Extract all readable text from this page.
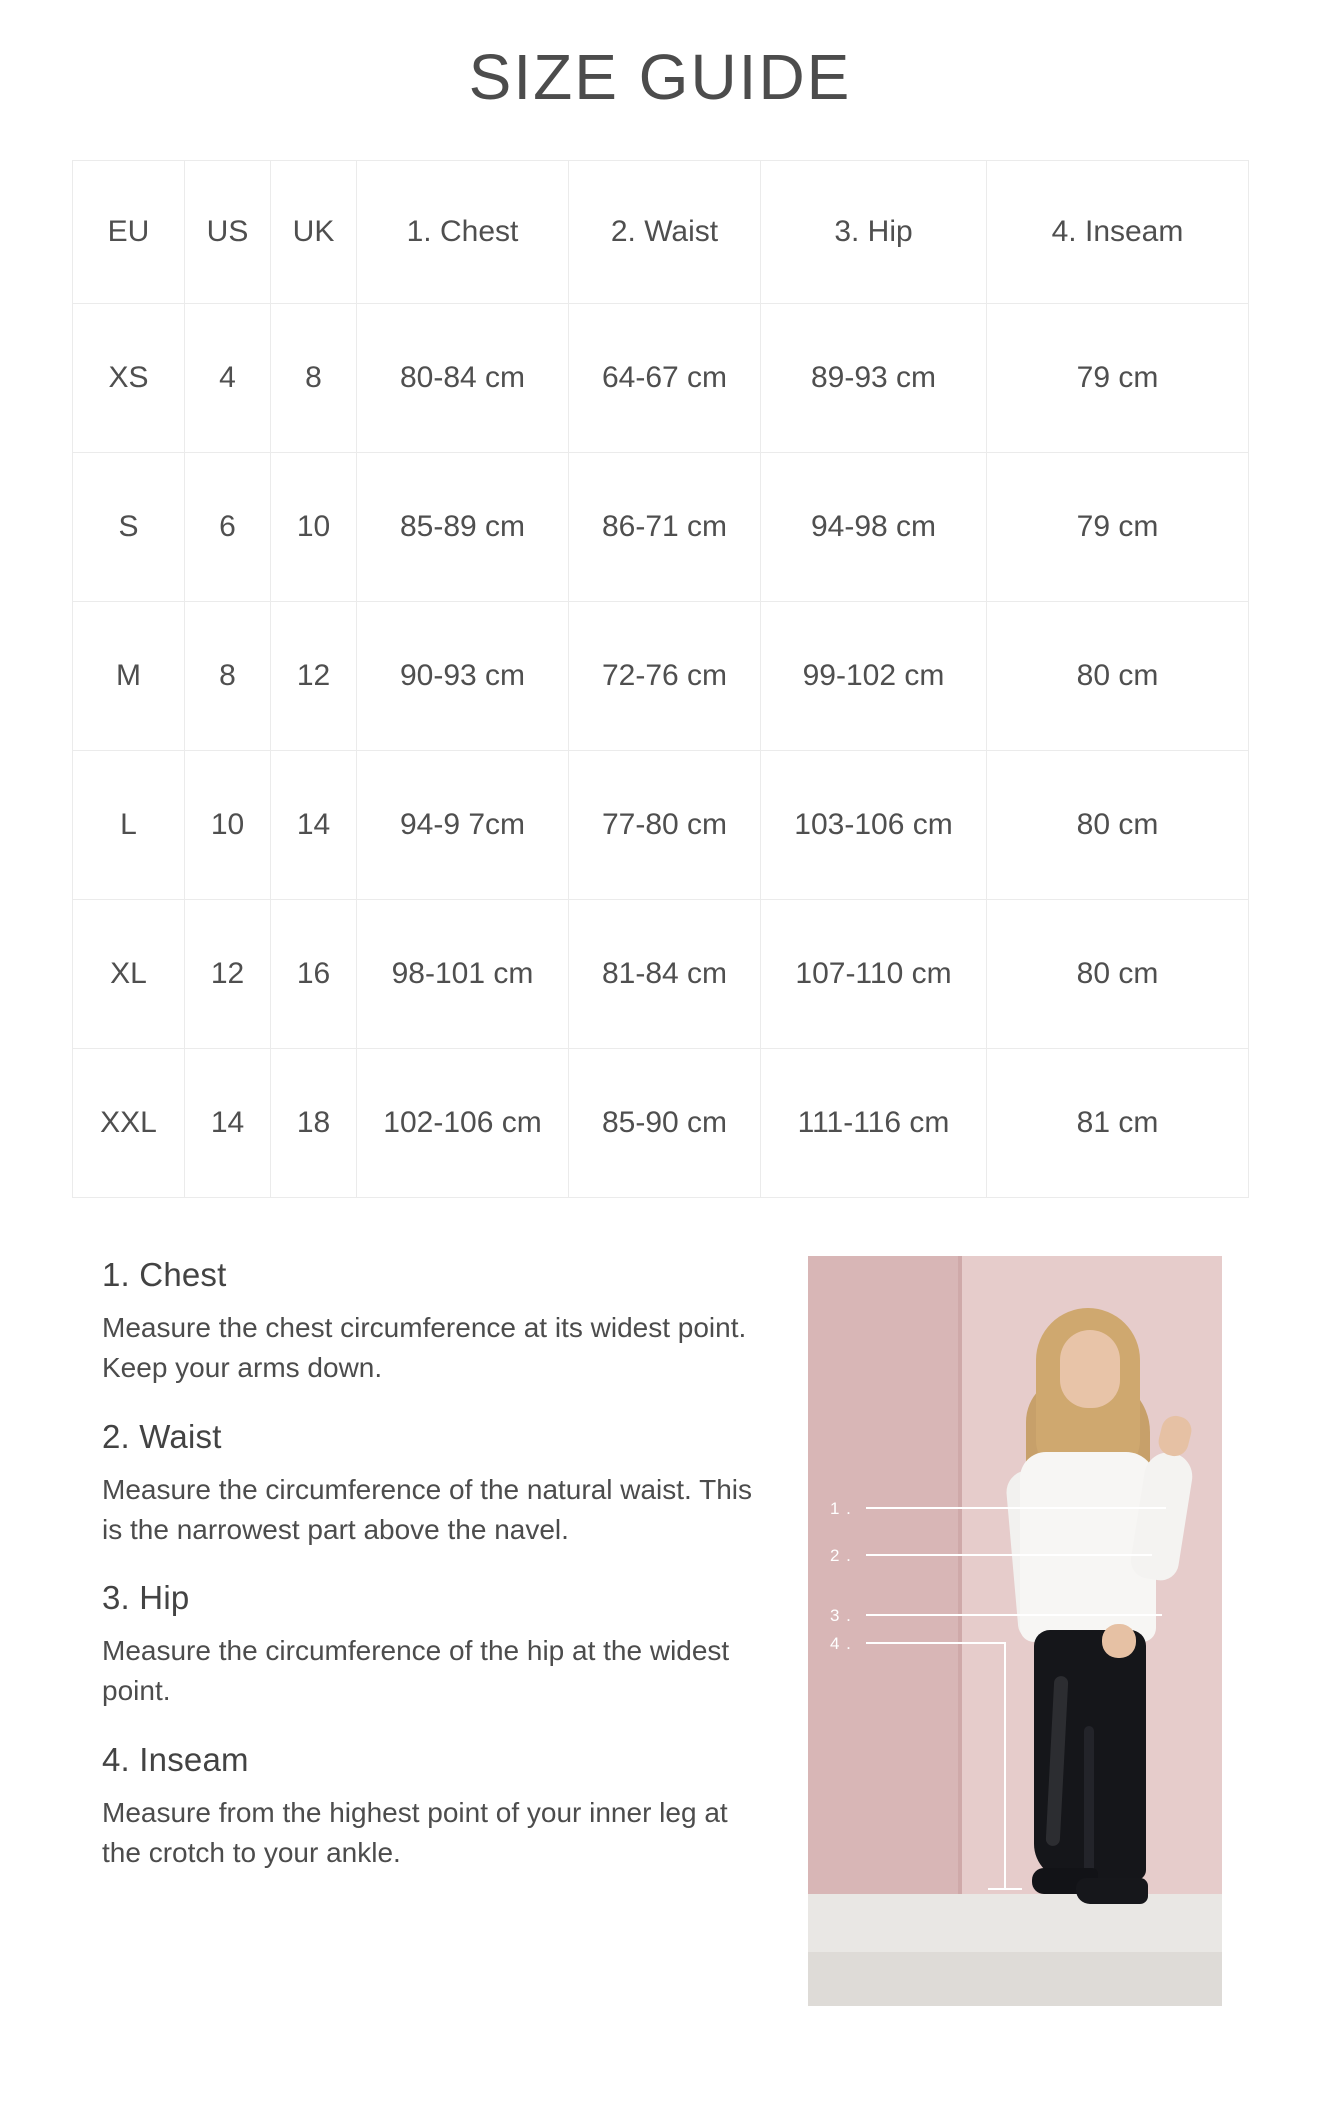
SIZE GUIDE
EU	US	UK	1. Chest	2. Waist	3. Hip	4. Inseam
XS	4	8	80-84 cm	64-67 cm	89-93 cm	79 cm
S	6	10	85-89 cm	86-71 cm	94-98 cm	79 cm
M	8	12	90-93 cm	72-76 cm	99-102 cm	80 cm
L	10	14	94-9 7cm	77-80 cm	103-106 cm	80 cm
XL	12	16	98-101 cm	81-84 cm	107-110 cm	80 cm
XXL	14	18	102-106 cm	85-90 cm	111-116 cm	81 cm
1. Chest

Measure the chest circumference at its widest point. Keep your arms down.

2. Waist

Measure the circumference of the natural waist. This is the narrowest part above the navel.

3. Hip

Measure the circumference of the hip at the widest point.

4. Inseam

Measure from the highest point of your inner leg at the crotch to your ankle.

1 .
2 .
3 .
4 .
